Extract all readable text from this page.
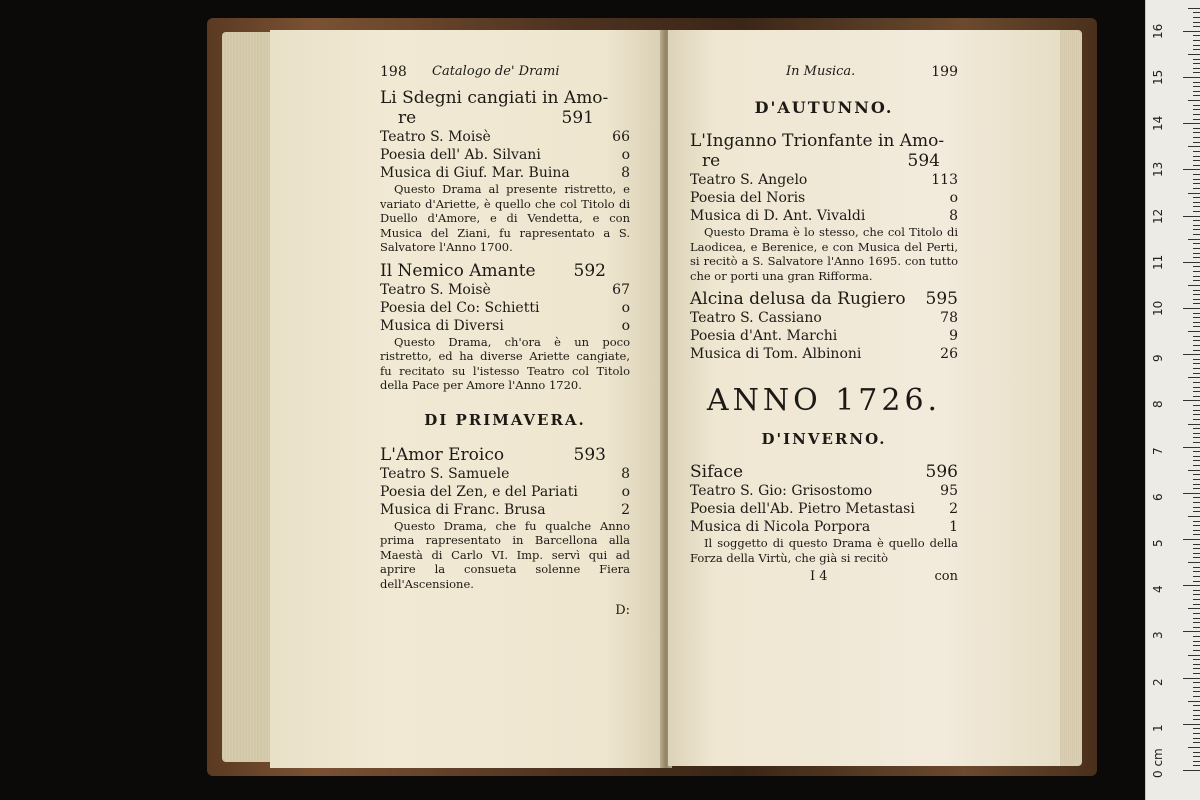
198 Catalogo de' Drami
Li Sdegni cangiati in Amo-
re	591
Teatro S. Moisè	66
Poesia dell' Ab. Silvani	o
Musica di Giuf. Mar. Buina	8
Questo Drama al presente ristretto, e variato d'Ariette, è quello che col Titolo di Duello d'Amore, e di Vendetta, e con Musica del Ziani, fu rapresentato a S. Salvatore l'Anno 1700.
Il Nemico Amante 592
Teatro S. Moisè	67
Poesia del Co: Schietti	o
Musica di Diversi	o
Questo Drama, ch'ora è un poco ristretto, ed ha diverse Ariette cangiate, fu recitato su l'istesso Teatro col Titolo della Pace per Amore l'Anno 1720.
DI PRIMAVERA.
L'Amor Eroico	593
Teatro S. Samuele	8
Poesia del Zen, e del Pariati	o
Musica di Franc. Brusa	2
Questo Drama, che fu qualche Anno prima rapresentato in Barcellona alla Maestà di Carlo VI. Imp. servì qui ad aprire la consueta solenne Fiera dell'Ascensione.
D:
In Musica.	199
D'AUTUNNO.
L'Inganno Trionfante in Amo-
re	594
Teatro S. Angelo	113
Poesia del Noris	o
Musica di D. Ant. Vivaldi	8
Questo Drama è lo stesso, che col Titolo di Laodicea, e Berenice, e con Musica del Perti, si recitò a S. Salvatore l'Anno 1695. con tutto che or porti una gran Rifforma.
Alcina delusa da Rugiero 595
Teatro S. Cassiano	78
Poesia d'Ant. Marchi	9
Musica di Tom. Albinoni	26
ANNO 1726.
D'INVERNO.
Siface	596
Teatro S. Gio: Grisostomo	95
Poesia dell'Ab. Pietro Metastasi 2
Musica di Nicola Porpora	1
Il soggetto di questo Drama è quello della Forza della Virtù, che già si recitò
I 4	con
0 cm
1
2
3
4
5
6
7
8
9
10
11
12
13
14
15
16
